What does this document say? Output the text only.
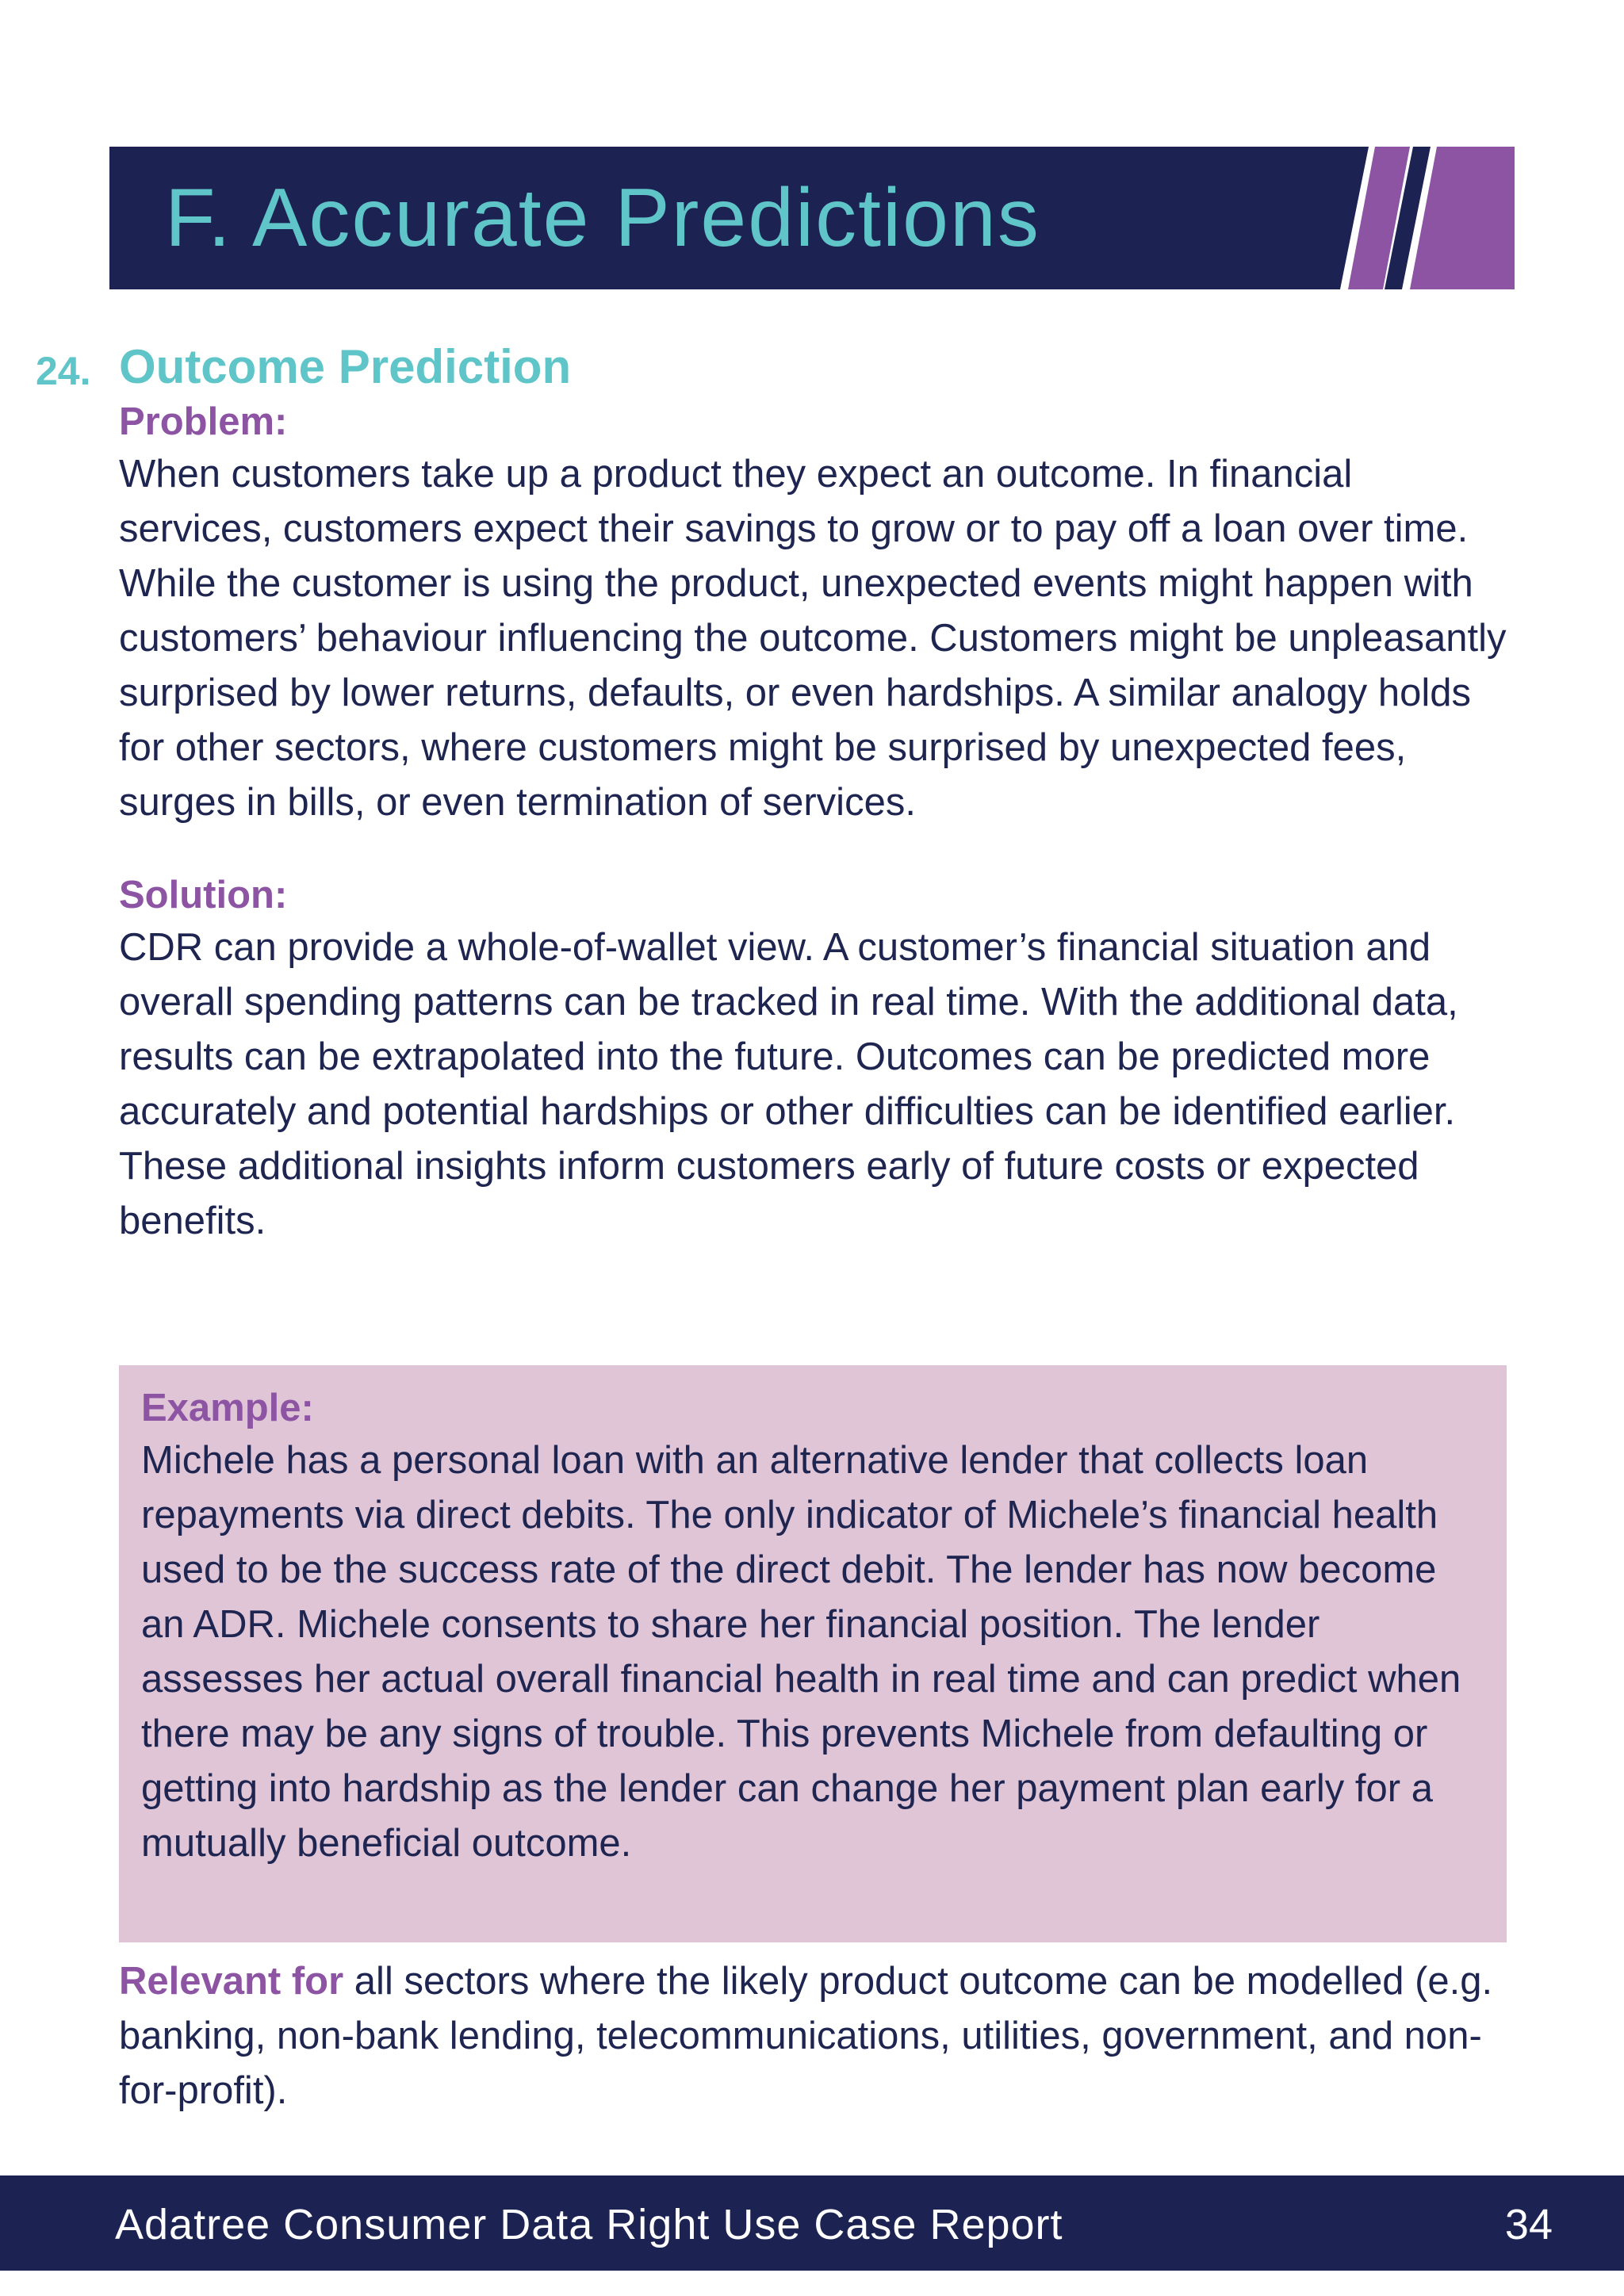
F. Accurate Predictions
24. Outcome Prediction

Problem:

When customers take up a product they expect an outcome. In financial services, customers expect their savings to grow or to pay off a loan over time. While the customer is using the product, unexpected events might happen with customers’ behaviour influencing the outcome. Customers might be unpleasantly surprised by lower returns, defaults, or even hardships. A similar analogy holds for other sectors, where customers might be surprised by unexpected fees, surges in bills, or even termination of services.

Solution:

CDR can provide a whole-of-wallet view. A customer’s financial situation and overall spending patterns can be tracked in real time. With the additional data, results can be extrapolated into the future. Outcomes can be predicted more accurately and potential hardships or other difficulties can be identified earlier. These additional insights inform customers early of future costs or expected benefits.

Example:

Michele has a personal loan with an alternative lender that collects loan repayments via direct debits. The only indicator of Michele’s financial health used to be the success rate of the direct debit. The lender has now become an ADR. Michele consents to share her financial position. The lender assesses her actual overall financial health in real time and can predict when there may be any signs of trouble. This prevents Michele from defaulting or getting into hardship as the lender can change her payment plan early for a mutually beneficial outcome.

Relevant for all sectors where the likely product outcome can be modelled (e.g. banking, non-bank lending, telecommunications, utilities, government, and non-for-profit).

Adatree Consumer Data Right Use Case Report	34
